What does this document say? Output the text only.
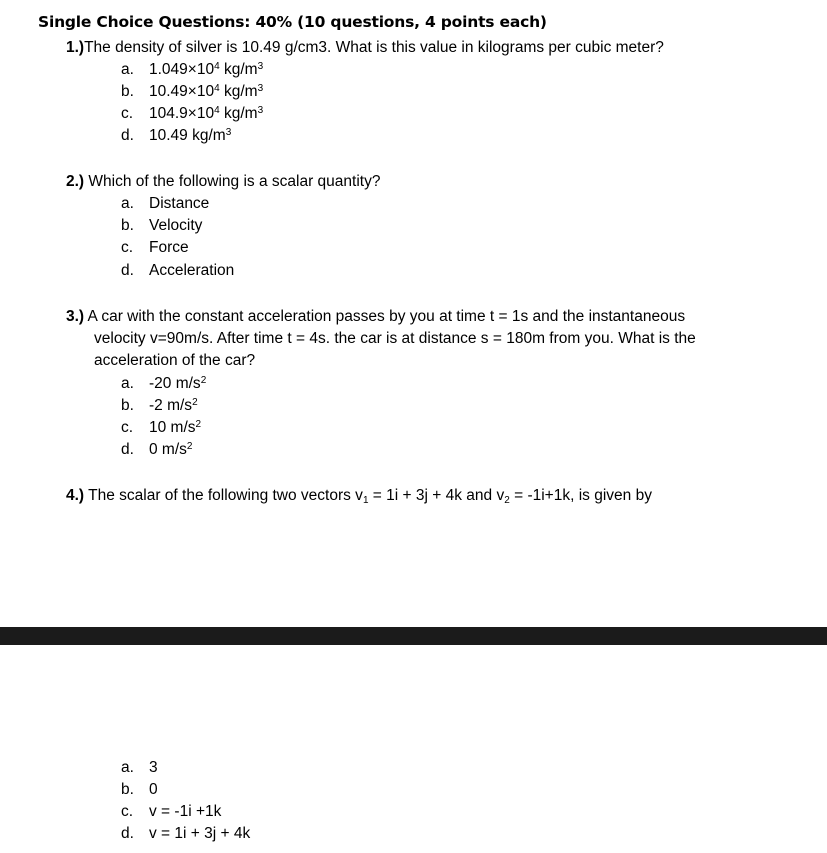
Single Choice Questions: 40% (10 questions, 4 points each)
1.)The density of silver is 10.49 g/cm3. What is this value in kilograms per cubic meter?
a. $1.049\times 10^4$ $kg/m^3$
b. $10.49\times 10^4$ $kg/m^3$
c. $104.9\times 10^4$ $kg/m^3$
d. 10.49 $kg/m^3$
2.) Which of the following is a scalar quantity?
a. Distance
b. Velocity
c. Force
d. Acceleration
3.) A car with the constant acceleration passes by you at time t = 1s and the instantaneous
velocity v=90m/s. After time t = 4s. the car is at distance s = 180m from you. What is the
acceleration of the car?
a. -20 $m/s^2$
b. -2 $m/s^2$
c. 10 $m/s^2$
d. 0 $m/s^2$
4.) The scalar of the following two vectors $v_1 = 1i + 3j + 4k$ and $v_2 = -1i+1k$, is given by
a. 3
b. 0
c. v = -1i +1k
d. v = 1i + 3j + 4k
